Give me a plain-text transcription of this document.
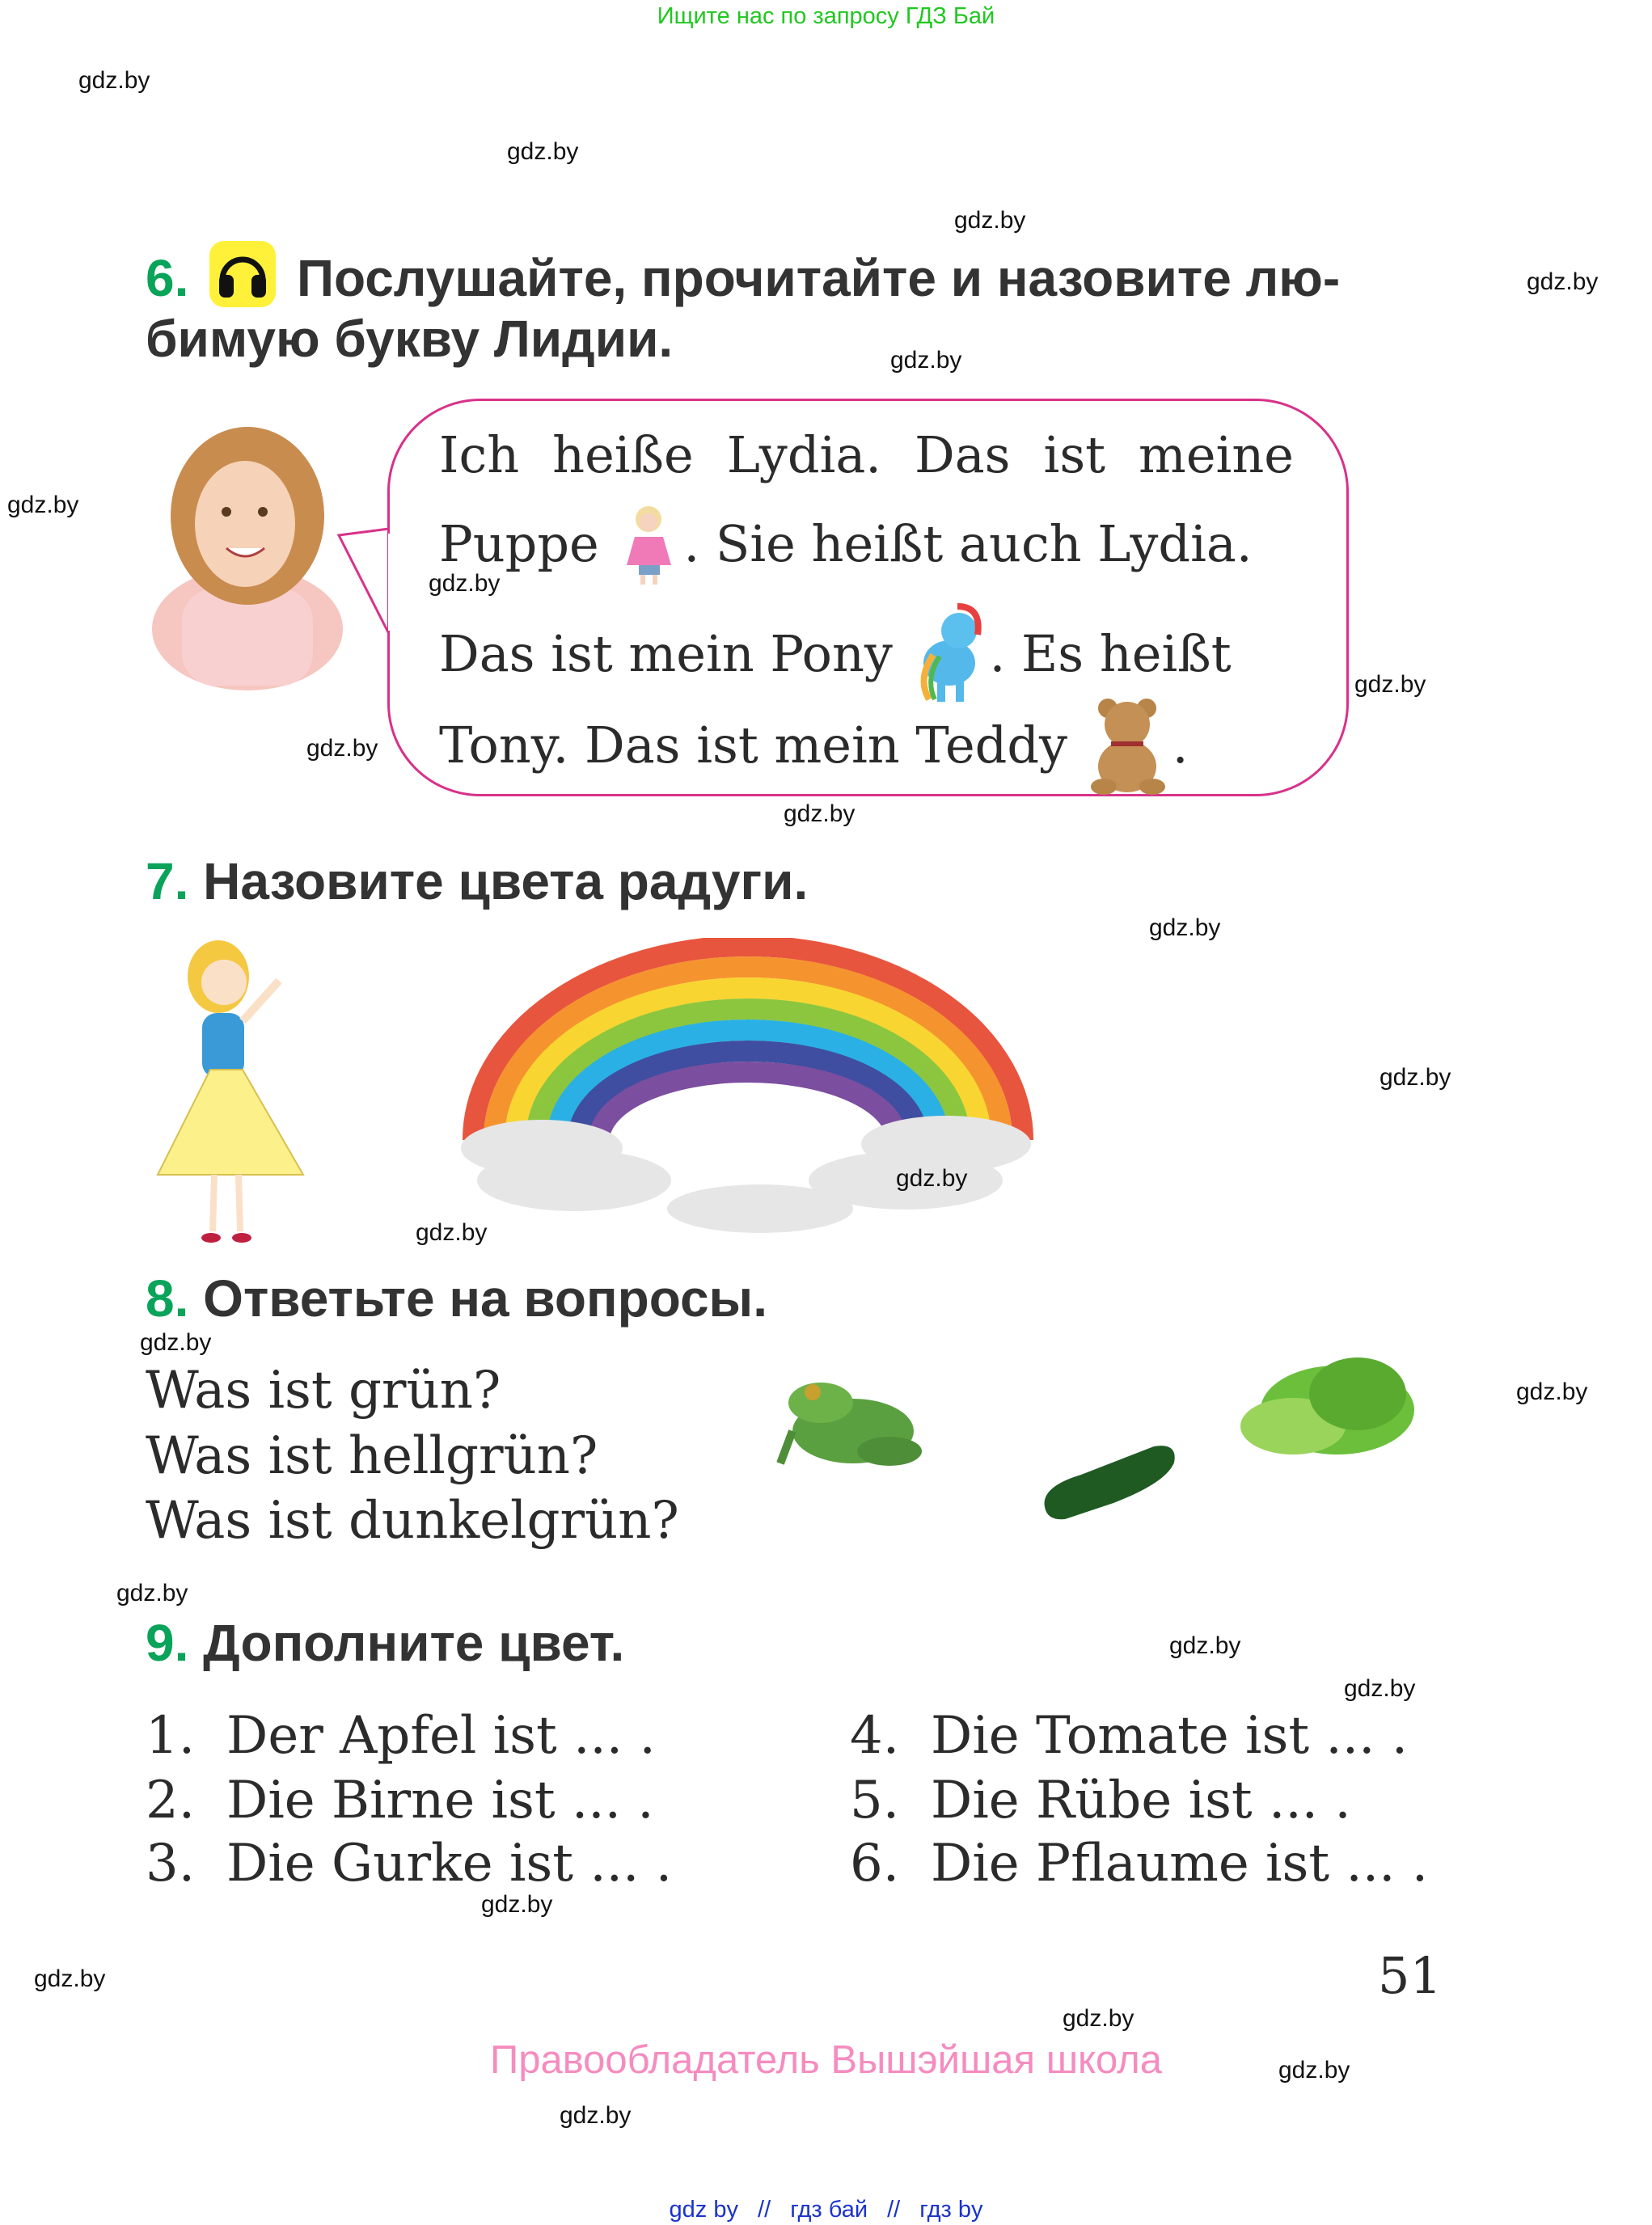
Ищите нас по запросу ГДЗ Бай
gdz.by
gdz.by
gdz.by
gdz.by
gdz.by
gdz.by
gdz.by
gdz.by
gdz.by
gdz.by
gdz.by
gdz.by
gdz.by
gdz.by
gdz.by
gdz.by
gdz.by
gdz.by
gdz.by
gdz.by
gdz.by
gdz.by
gdz.by
gdz.by
6. Послушайте, прочитайте и назовите лю-
бимую букву Лидии.
Ich heiße Lydia. Das ist meine
Puppe . Sie heißt auch Lydia.
Das ist mein Pony . Es heißt
Tony. Das ist mein Teddy .
7. Назовите цвета радуги.
8. Ответьте на вопросы.
Was ist grün?
Was ist hellgrün?
Was ist dunkelgrün?
9. Дополните цвет.
1. Der Apfel ist ... .
2. Die Birne ist ... .
3. Die Gurke ist ... .
4. Die Tomate ist ... .
5. Die Rübe ist ... .
6. Die Pflaume ist ... .
51
Правообладатель Вышэйшая школа
gdz by // гдз бай // гдз by
